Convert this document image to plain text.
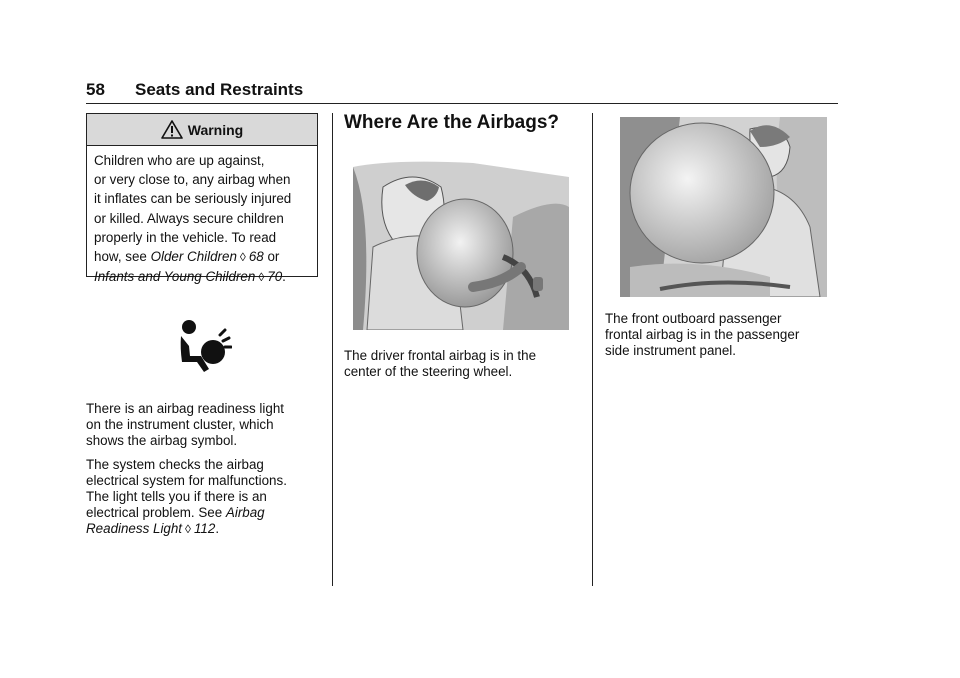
58 Seats and Restraints
Warning
Children who are up against,
or very close to, any airbag when
it inflates can be seriously injured
or killed. Always secure children
properly in the vehicle. To read
how, see Older Children ◊ 68 or
Infants and Young Children ◊ 70.

There is an airbag readiness light
on the instrument cluster, which
shows the airbag symbol.

The system checks the airbag
electrical system for malfunctions.
The light tells you if there is an
electrical problem. See Airbag
Readiness Light ◊ 112.

Where Are the Airbags?
The driver frontal airbag is in the
center of the steering wheel.
The front outboard passenger
frontal airbag is in the passenger
side instrument panel.
